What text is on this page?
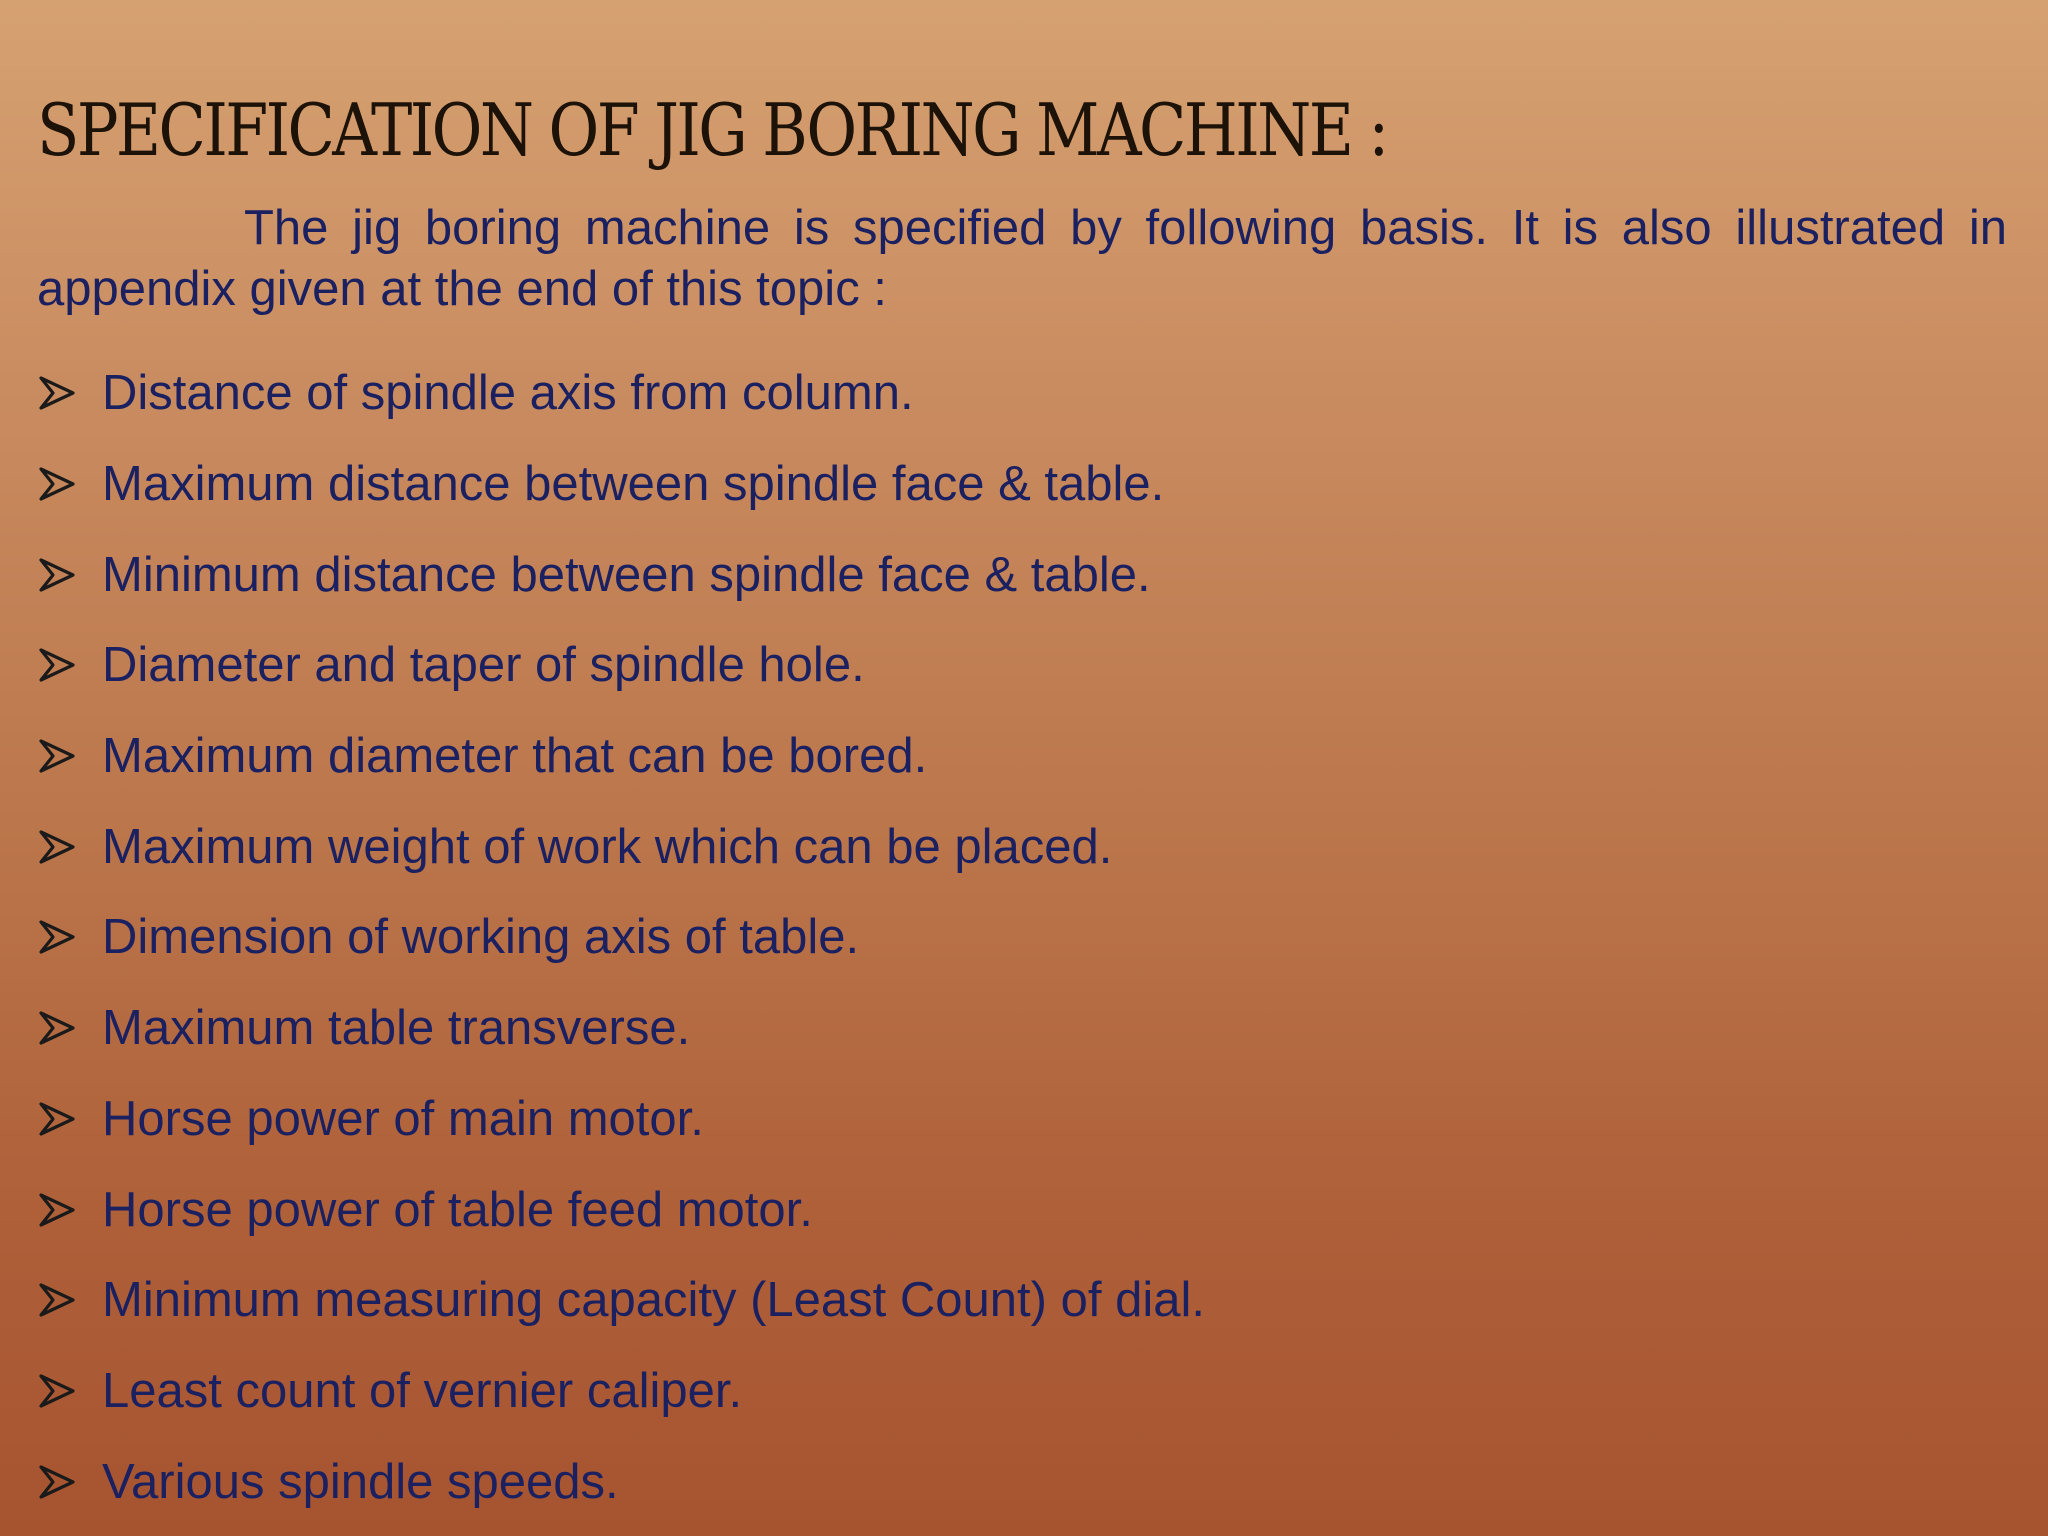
SPECIFICATION OF JIG BORING MACHINE :

The jig boring machine is specified by following basis. It is also illustrated in appendix given at the end of this topic :

Distance of spindle axis from column.
Maximum distance between spindle face & table.
Minimum distance between spindle face & table.
Diameter and taper of spindle hole.
Maximum diameter that can be bored.
Maximum weight of work which can be placed.
Dimension of working axis of table.
Maximum table transverse.
Horse power of main motor.
Horse power of table feed motor.
Minimum measuring capacity (Least Count) of dial.
Least count of vernier caliper.
Various spindle speeds.
